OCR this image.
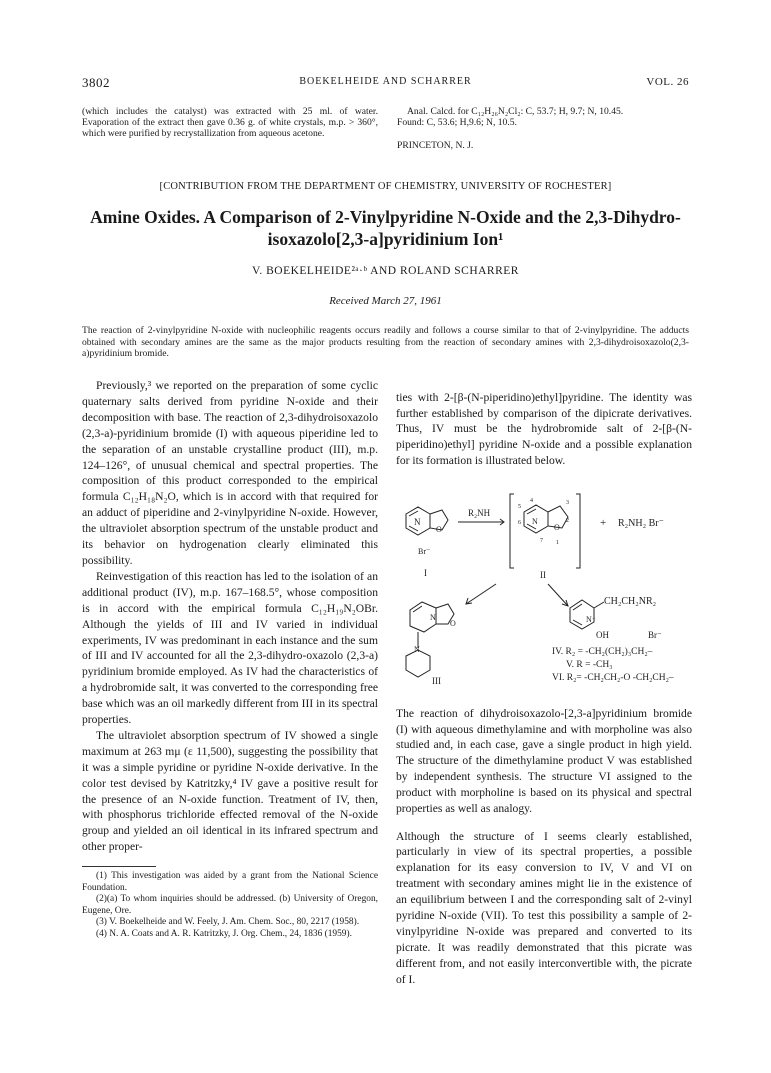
3802	BOEKELHEIDE AND SCHARRER	VOL. 26
(which includes the catalyst) was extracted with 25 ml. of water. Evaporation of the extract then gave 0.36 g. of white crystals, m.p. > 360°, which were purified by recrystallization from aqueous acetone.

Anal. Calcd. for C₁₂H₂₆N₂Cl₂: C, 53.7; H, 9.7; N, 10.45.

Found: C, 53.6; H,9.6; N, 10.5.

PRINCETON, N. J.

[CONTRIBUTION FROM THE DEPARTMENT OF CHEMISTRY, UNIVERSITY OF ROCHESTER]
Amine Oxides. A Comparison of 2-Vinylpyridine N-Oxide and the 2,3-Dihydro-
isoxazolo[2,3-a]pyridinium Ion¹
V. BOEKELHEIDE²ᵃ·ᵇ AND ROLAND SCHARRER
Received March 27, 1961
The reaction of 2-vinylpyridine N-oxide with nucleophilic reagents occurs readily and follows a course similar to that of 2-vinylpyridine. The adducts obtained with secondary amines are the same as the major products resulting from the reaction of secondary amines with 2,3-dihydroisoxazolo(2,3-a)pyridinium bromide.

Previously,³ we reported on the preparation of some cyclic quaternary salts derived from pyridine N-oxide and their decomposition with base. The reaction of 2,3-dihydroisoxazolo (2,3-a)-pyridinium bromide (I) with aqueous piperidine led to the separation of an unstable crystalline product (III), m.p. 124–126°, of unusual chemical and spectral properties. The composition of this product corresponded to the empirical formula C₁₂H₁₈N₂O, which is in accord with that required for an adduct of piperidine and 2-vinylpyridine N-oxide. However, the ultraviolet absorption spectrum of the unstable product and its behavior on hydrogenation clearly eliminated this possibility.

Reinvestigation of this reaction has led to the isolation of an additional product (IV), m.p. 167–168.5°, whose composition is in accord with the empirical formula C₁₂H₁₉N₂OBr. Although the yields of III and IV varied in individual experiments, IV was predominant in each instance and the sum of III and IV accounted for all the 2,3-dihydro-oxazolo (2,3-a) pyridinium bromide employed. As IV had the characteristics of a hydrobromide salt, it was converted to the corresponding free base which was an oil markedly different from III in its spectral properties.

The ultraviolet absorption spectrum of IV showed a single maximum at 263 mμ (ε 11,500), suggesting the possibility that it was a simple pyridine or pyridine N-oxide derivative. In the color test devised by Katritzky,⁴ IV gave a positive result for the presence of an N-oxide function. Treatment of IV, then, with phosphorus trichloride effected removal of the N-oxide group and yielded an oil identical in its infrared spectrum and other proper-

(1) This investigation was aided by a grant from the National Science Foundation.

(2)(a) To whom inquiries should be addressed. (b) University of Oregon, Eugene, Ore.

(3) V. Boekelheide and W. Feely, J. Am. Chem. Soc., 80, 2217 (1958).

(4) N. A. Coats and A. R. Katritzky, J. Org. Chem., 24, 1836 (1959).

ties with 2-[β-(N-piperidino)ethyl]pyridine. The identity was further established by comparison of the dipicrate derivatives. Thus, IV must be the hydrobromide salt of 2-[β-(N-piperidino)ethyl] pyridine N-oxide and a possible explanation for its formation is illustrated below.

N
O
R₂NH
N
O
4
5
3
6	2
7 1
+ R₂NH₂ Br⁻
Br⁻
I	II
N
O
N
III
CH₂CH₂NR₂
N⁺
OH	Br⁻
IV. R₂ = -CH₂(CH₂)₃CH₂–
V. R = -CH₃
VI. R₂= -CH₂CH₂-O -CH₂CH₂–

The reaction of dihydroisoxazolo-[2,3-a]pyridinium bromide (I) with aqueous dimethylamine and with morpholine was also studied and, in each case, gave a single product in high yield. The structure of the dimethylamine product V was established by independent synthesis. The structure VI assigned to the product with morpholine is based on its physical and spectral properties as well as analogy.

Although the structure of I seems clearly established, particularly in view of its spectral properties, a possible explanation for its easy conversion to IV, V and VI on treatment with secondary amines might lie in the existence of an equilibrium between I and the corresponding salt of 2-vinyl pyridine N-oxide (VII). To test this possibility a sample of 2-vinylpyridine N-oxide was prepared and converted to its picrate. It was readily demonstrated that this picrate was different from, and not easily interconvertible with, the picrate of I.
